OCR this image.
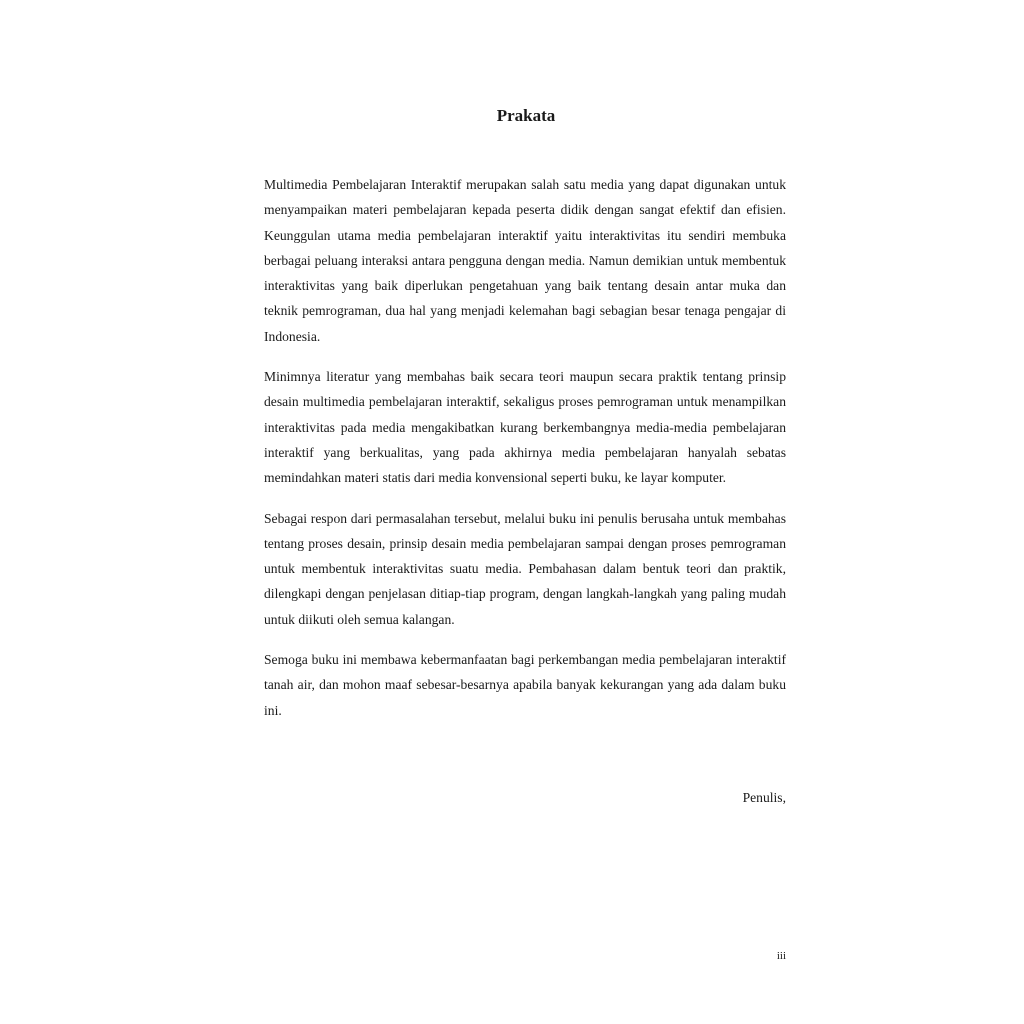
Prakata

Multimedia Pembelajaran Interaktif merupakan salah satu media yang dapat digunakan untuk menyampaikan materi pembelajaran kepada peserta didik dengan sangat efektif dan efisien. Keunggulan utama media pembelajaran interaktif yaitu interaktivitas itu sendiri membuka berbagai peluang interaksi antara pengguna dengan media. Namun demikian untuk membentuk interaktivitas yang baik diperlukan pengetahuan yang baik tentang desain antar muka dan teknik pemrograman, dua hal yang menjadi kelemahan bagi sebagian besar tenaga pengajar di Indonesia.

Minimnya literatur yang membahas baik secara teori maupun secara praktik tentang prinsip desain multimedia pembelajaran interaktif, sekaligus proses pemrograman untuk menampilkan interaktivitas pada media mengakibatkan kurang berkembangnya media-media pembelajaran interaktif yang berkualitas, yang pada akhirnya media pembelajaran hanyalah sebatas memindahkan materi statis dari media konvensional seperti buku, ke layar komputer.

Sebagai respon dari permasalahan tersebut, melalui buku ini penulis berusaha untuk membahas tentang proses desain, prinsip desain media pembelajaran sampai dengan proses pemrograman untuk membentuk interaktivitas suatu media. Pembahasan dalam bentuk teori dan praktik, dilengkapi dengan penjelasan ditiap-tiap program, dengan langkah-langkah yang paling mudah untuk diikuti oleh semua kalangan.

Semoga buku ini membawa kebermanfaatan bagi perkembangan media pembelajaran interaktif tanah air, dan mohon maaf sebesar-besarnya apabila banyak kekurangan yang ada dalam buku ini.

Penulis,
iii
